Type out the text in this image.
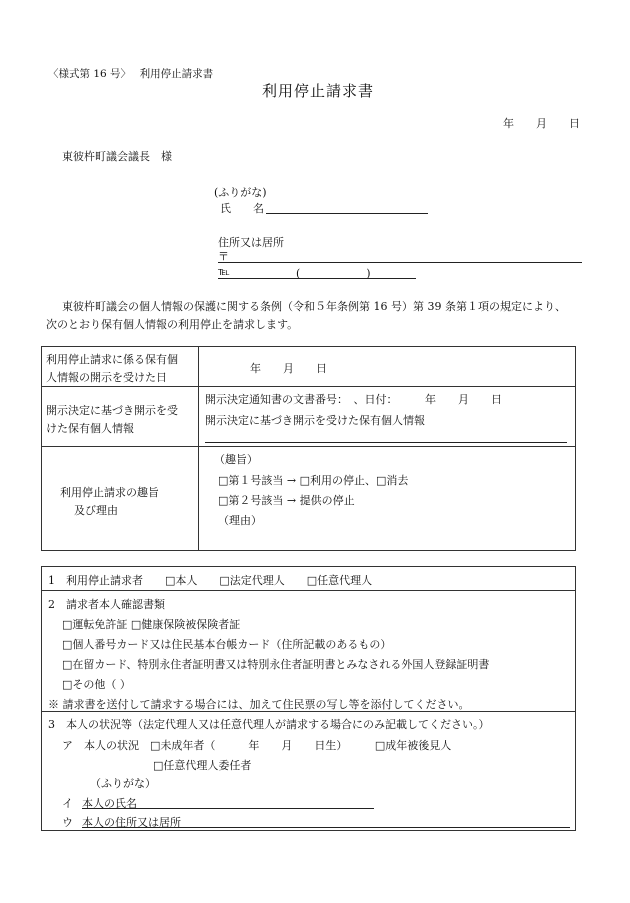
〈様式第 16 号〉　 利用停止請求書
利用停止請求書
年　　月　　日
東彼杵町議会議長　様
(ふりがな)
氏　　名
住所又は居所
〒
℡	(　　　　　　)
東彼杵町議会の個人情報の保護に関する条例（令和５年条例第 16 号）第 39 条第１項の規定により、
次のとおり保有個人情報の利用停止を請求します。
利用停止請求に係る保有個
人情報の開示を受けた日
年　　月　　日
開示決定に基づき開示を受
けた保有個人情報
開示決定通知書の文書番号：　、日付：　　　年　　月　　日
開示決定に基づき開示を受けた保有個人情報
利用停止請求の趣旨
及び理由
（趣旨）
□第１号該当 → □利用の停止、□消去
□第２号該当 → 提供の停止
（理由）
1　利用停止請求者　　□本人　　□法定代理人　　□任意代理人
2　請求者本人確認書類
□運転免許証 □健康保険被保険者証
□個人番号カード又は住民基本台帳カード（住所記載のあるもの）
□在留カード、特別永住者証明書又は特別永住者証明書とみなされる外国人登録証明書
□その他（ ）
※ 請求書を送付して請求する場合には、加えて住民票の写し等を添付してください。
3　本人の状況等（法定代理人又は任意代理人が請求する場合にのみ記載してください。）
ア　本人の状況　□未成年者（　　　年　　月　　日生）　　　□成年被後見人
□任意代理人委任者
（ふりがな）
イ 本人の氏名
ウ 本人の住所又は居所
